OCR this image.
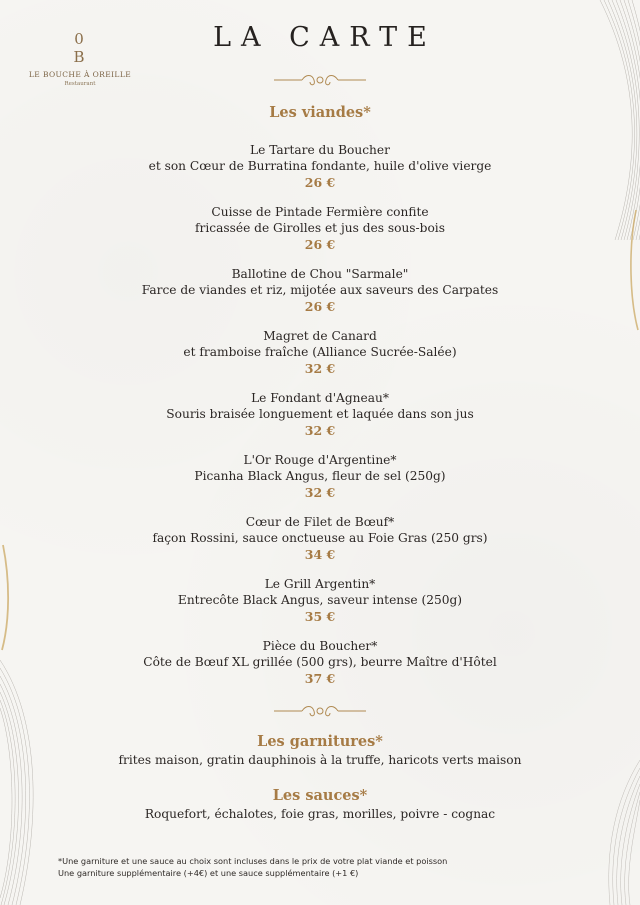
0
B
LE BOUCHE À OREILLE
Restaurant
LA CARTE
Les viandes*
Le Tartare du Boucher
et son Cœur de Burratina fondante, huile d'olive vierge
26 €
Cuisse de Pintade Fermière confite
fricassée de Girolles et jus des sous-bois
26 €
Ballotine de Chou "Sarmale"
Farce de viandes et riz, mijotée aux saveurs des Carpates
26 €
Magret de Canard
et framboise fraîche (Alliance Sucrée-Salée)
32 €
Le Fondant d'Agneau*
Souris braisée longuement et laquée dans son jus
32 €
L'Or Rouge d'Argentine*
Picanha Black Angus, fleur de sel (250g)
32 €
Cœur de Filet de Bœuf*
façon Rossini, sauce onctueuse au Foie Gras (250 grs)
34 €
Le Grill Argentin*
Entrecôte Black Angus, saveur intense (250g)
35 €
Pièce du Boucher*
Côte de Bœuf XL grillée (500 grs), beurre Maître d'Hôtel
37 €
Les garnitures*
frites maison, gratin dauphinois à la truffe, haricots verts maison
Les sauces*
Roquefort, échalotes, foie gras, morilles, poivre - cognac
*Une garniture et une sauce au choix sont incluses dans le prix de votre plat viande et poisson
Une garniture supplémentaire (+4€) et une sauce supplémentaire (+1 €)
